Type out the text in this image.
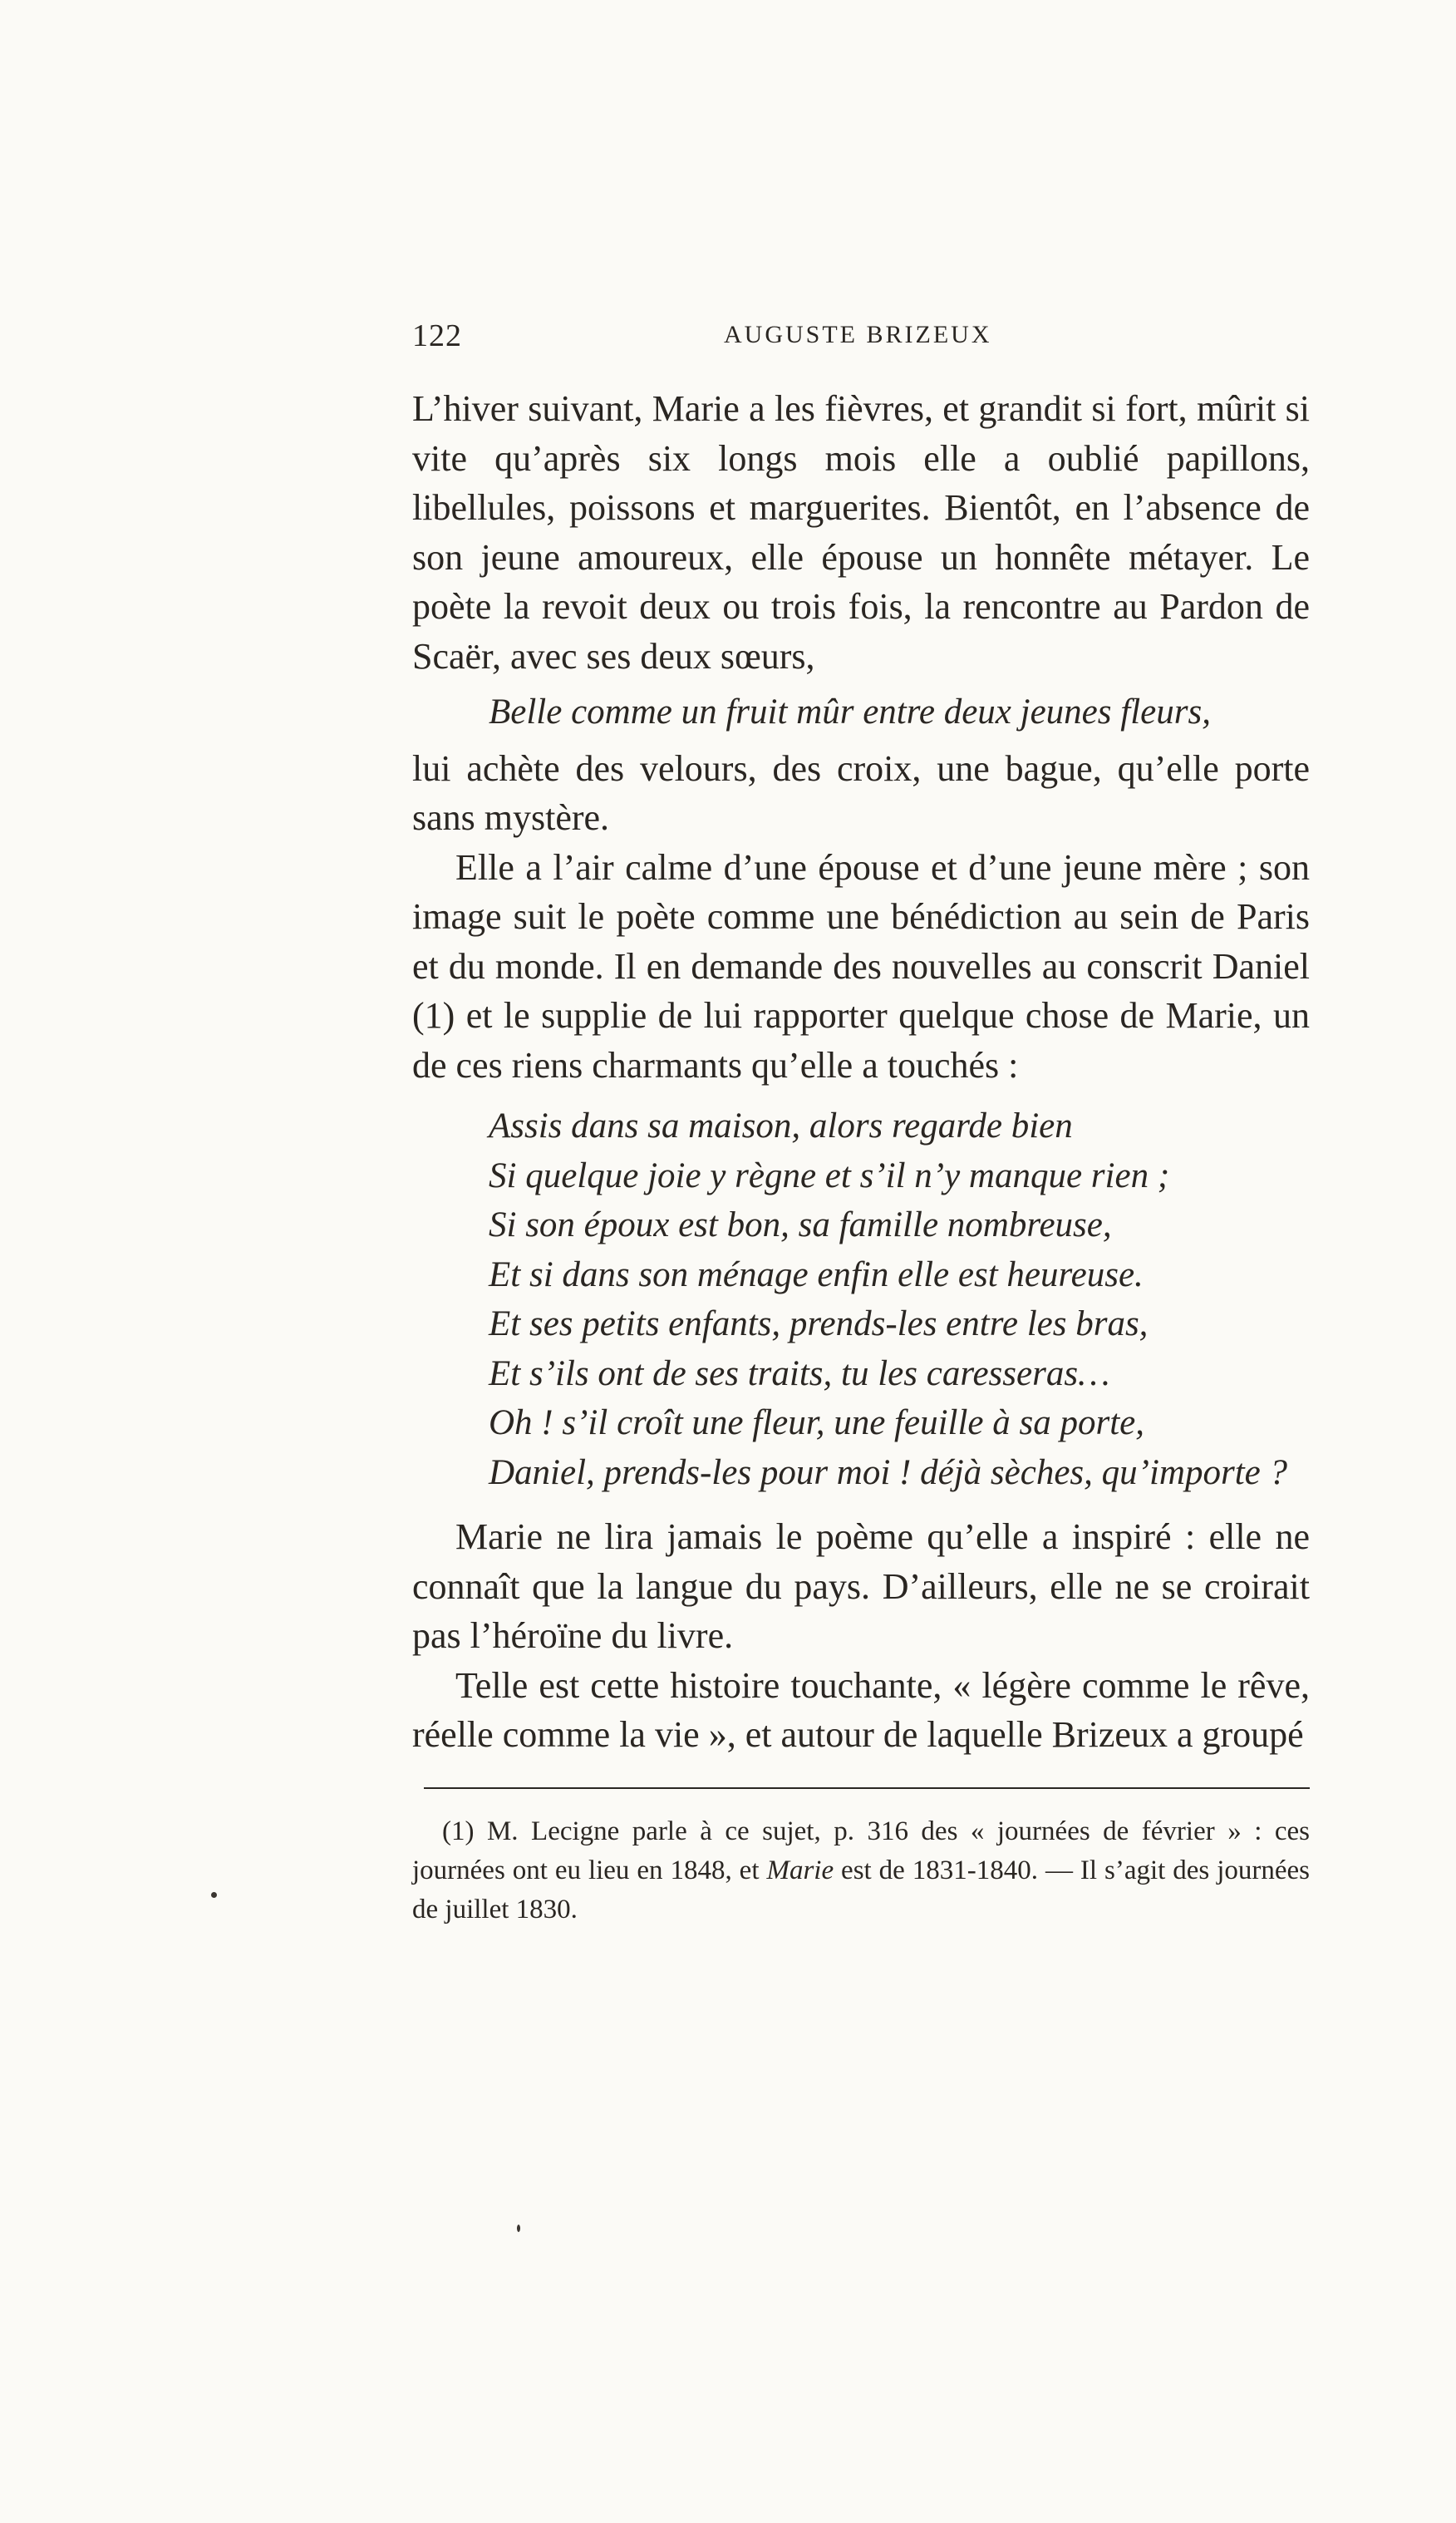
122	AUGUSTE BRIZEUX

L’hiver suivant, Marie a les fièvres, et grandit si fort, mûrit si vite qu’après six longs mois elle a oublié papillons, libellules, poissons et marguerites. Bientôt, en l’absence de son jeune amoureux, elle épouse un honnête métayer. Le poète la revoit deux ou trois fois, la rencontre au Pardon de Scaër, avec ses deux sœurs,

Belle comme un fruit mûr entre deux jeunes fleurs,

lui achète des velours, des croix, une bague, qu’elle porte sans mystère.

Elle a l’air calme d’une épouse et d’une jeune mère ; son image suit le poète comme une bénédiction au sein de Paris et du monde. Il en demande des nouvelles au conscrit Daniel (1) et le supplie de lui rapporter quelque chose de Marie, un de ces riens charmants qu’elle a touchés :

Assis dans sa maison, alors regarde bien
Si quelque joie y règne et s’il n’y manque rien ;
Si son époux est bon, sa famille nombreuse,
Et si dans son ménage enfin elle est heureuse.
Et ses petits enfants, prends-les entre les bras,
Et s’ils ont de ses traits, tu les caresseras…
Oh ! s’il croît une fleur, une feuille à sa porte,
Daniel, prends-les pour moi ! déjà sèches, qu’importe ?

Marie ne lira jamais le poème qu’elle a inspiré : elle ne connaît que la langue du pays. D’ailleurs, elle ne se croirait pas l’héroïne du livre.

Telle est cette histoire touchante, « légère comme le rêve, réelle comme la vie », et autour de laquelle Brizeux a groupé

(1) M. Lecigne parle à ce sujet, p. 316 des « journées de février » : ces journées ont eu lieu en 1848, et Marie est de 1831-1840. — Il s’agit des journées de juillet 1830.
